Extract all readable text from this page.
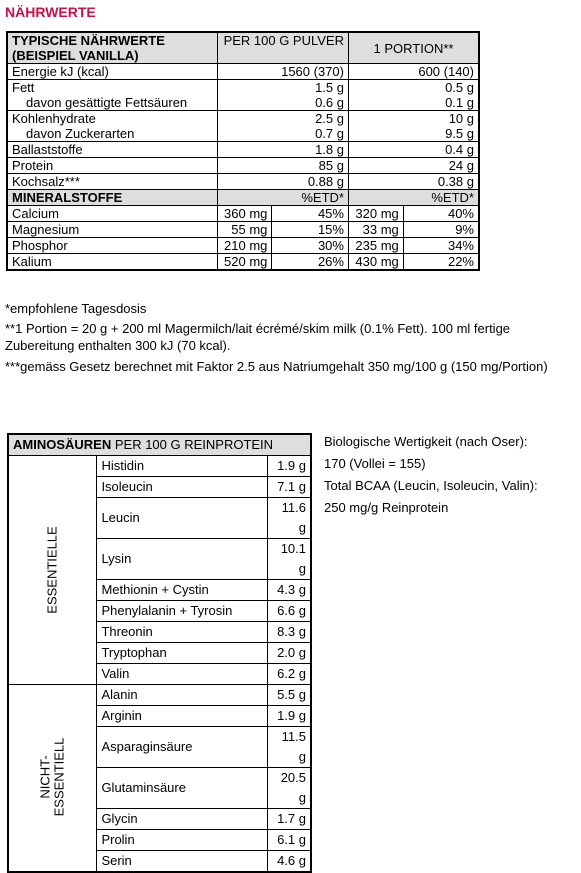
NÄHRWERTE
TYPISCHE NÄHRWERTE (BEISPIEL VANILLA)	PER 100 G PULVER		1 PORTION**	
Energie kJ (kcal)	1560 (370)		600 (140)	
Fett	1.5 g		0.5 g	
davon gesättigte Fettsäuren	0.6 g		0.1 g	
Kohlenhydrate	2.5 g		10 g	
davon Zuckerarten	0.7 g		9.5 g	
Ballaststoffe	1.8 g		0.4 g	
Protein	85 g		24 g	
Kochsalz***	0.88 g		0.38 g	
MINERALSTOFFE	%ETD*		%ETD*	
Calcium	360 mg	45%	320 mg	40%
Magnesium	55 mg	15%	33 mg	9%
Phosphor	210 mg	30%	235 mg	34%
Kalium	520 mg	26%	430 mg	22%
*empfohlene Tagesdosis
**1 Portion = 20 g + 200 ml Magermilch/lait écrémé/skim milk (0.1% Fett). 100 ml fertige Zubereitung enthalten 300 kJ (70 kcal).
***gemäss Gesetz berechnet mit Faktor 2.5 aus Natriumgehalt 350 mg/100 g (150 mg/Portion)
AMINOSÄUREN PER 100 G REINPROTEIN		
ESSENTIELLE	Histidin	1.9 g
	Isoleucin	7.1 g
	Leucin	11.6 g
	Lysin	10.1 g
	Methionin + Cystin	4.3 g
	Phenylalanin + Tyrosin	6.6 g
	Threonin	8.3 g
	Tryptophan	2.0 g
	Valin	6.2 g
NICHT-
ESSENTIELL	Alanin	5.5 g
	Arginin	1.9 g
	Asparaginsäure	11.5 g
	Glutaminsäure	20.5 g
	Glycin	1.7 g
	Prolin	6.1 g
	Serin	4.6 g
Biologische Wertigkeit (nach Oser):
170 (Vollei = 155)
Total BCAA (Leucin, Isoleucin, Valin):
250 mg/g Reinprotein
